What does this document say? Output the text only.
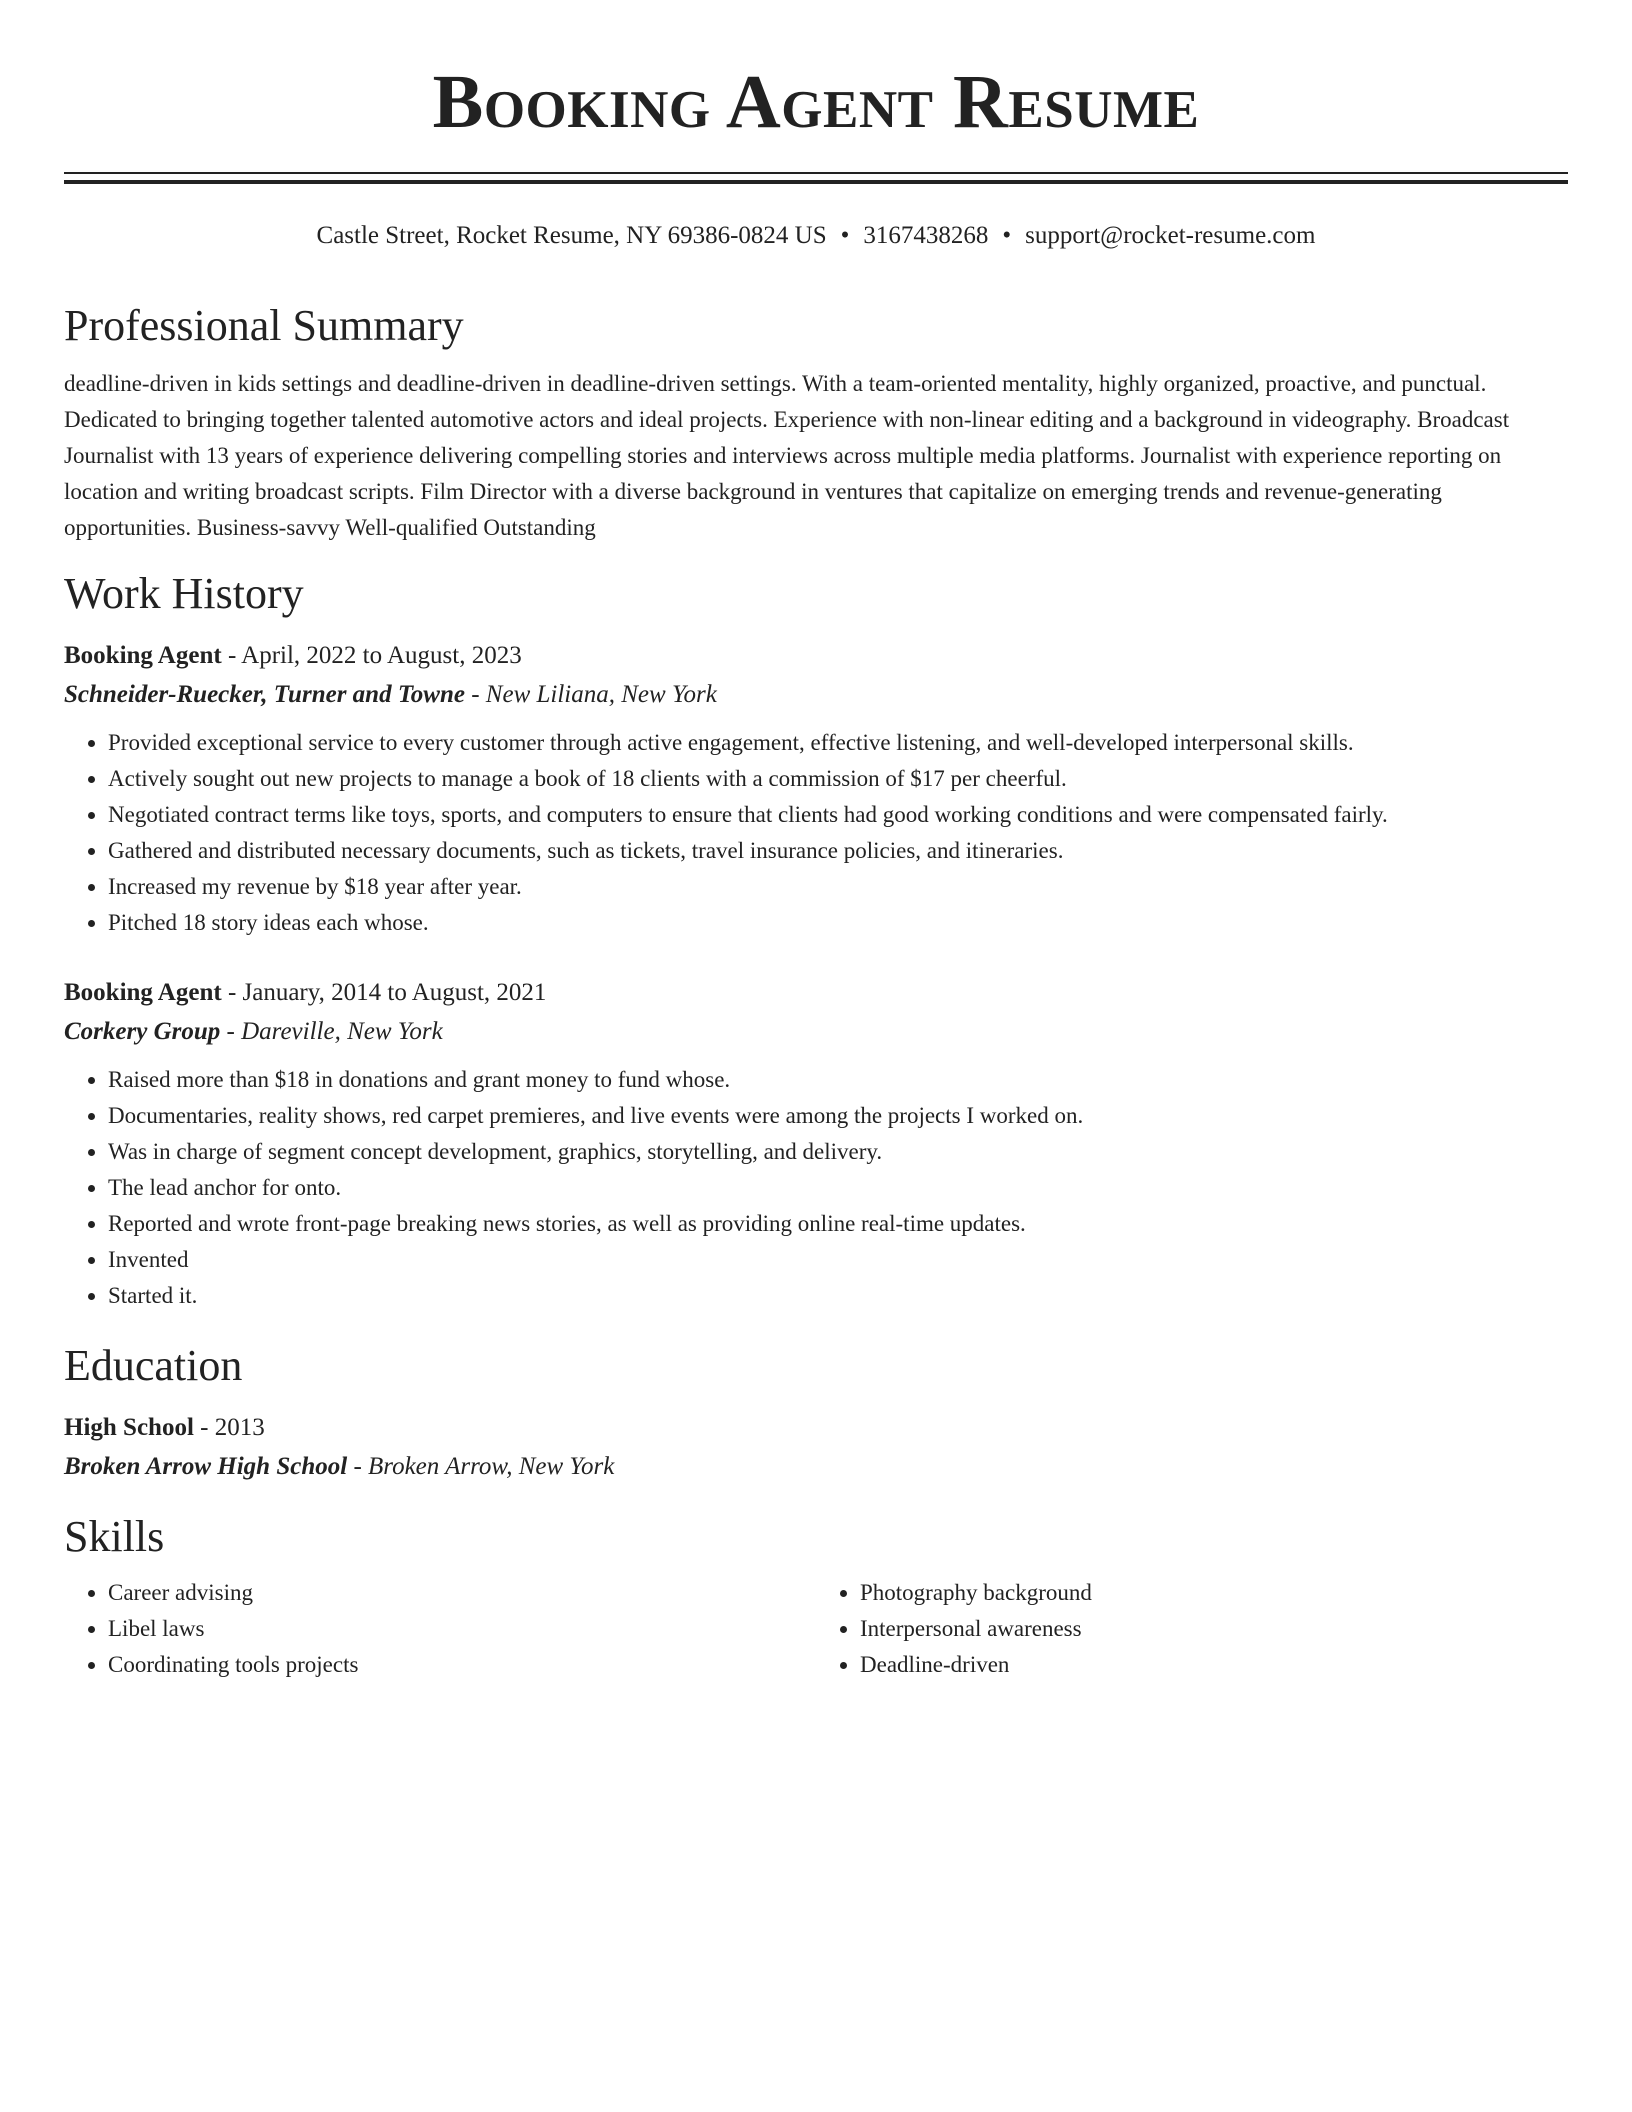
Booking Agent Resume
Castle Street, Rocket Resume, NY 69386-0824 US • 3167438268 • support@rocket-resume.com
Professional Summary

deadline-driven in kids settings and deadline-driven in deadline-driven settings. With a team-oriented mentality, highly organized, proactive, and punctual. Dedicated to bringing together talented automotive actors and ideal projects. Experience with non-linear editing and a background in videography. Broadcast Journalist with 13 years of experience delivering compelling stories and interviews across multiple media platforms. Journalist with experience reporting on location and writing broadcast scripts. Film Director with a diverse background in ventures that capitalize on emerging trends and revenue-generating opportunities. Business-savvy Well-qualified Outstanding

Work History
Booking Agent - April, 2022 to August, 2023
Schneider-Ruecker, Turner and Towne - New Liliana, New York
• Provided exceptional service to every customer through active engagement, effective listening, and well-developed interpersonal skills.
• Actively sought out new projects to manage a book of 18 clients with a commission of $17 per cheerful.
• Negotiated contract terms like toys, sports, and computers to ensure that clients had good working conditions and were compensated fairly.
• Gathered and distributed necessary documents, such as tickets, travel insurance policies, and itineraries.
• Increased my revenue by $18 year after year.
• Pitched 18 story ideas each whose.
Booking Agent - January, 2014 to August, 2021
Corkery Group - Dareville, New York
• Raised more than $18 in donations and grant money to fund whose.
• Documentaries, reality shows, red carpet premieres, and live events were among the projects I worked on.
• Was in charge of segment concept development, graphics, storytelling, and delivery.
• The lead anchor for onto.
• Reported and wrote front-page breaking news stories, as well as providing online real-time updates.
• Invented
• Started it.
Education
High School - 2013
Broken Arrow High School - Broken Arrow, New York
Skills
• Career advising
• Libel laws
• Coordinating tools projects
• Photography background
• Interpersonal awareness
• Deadline-driven
